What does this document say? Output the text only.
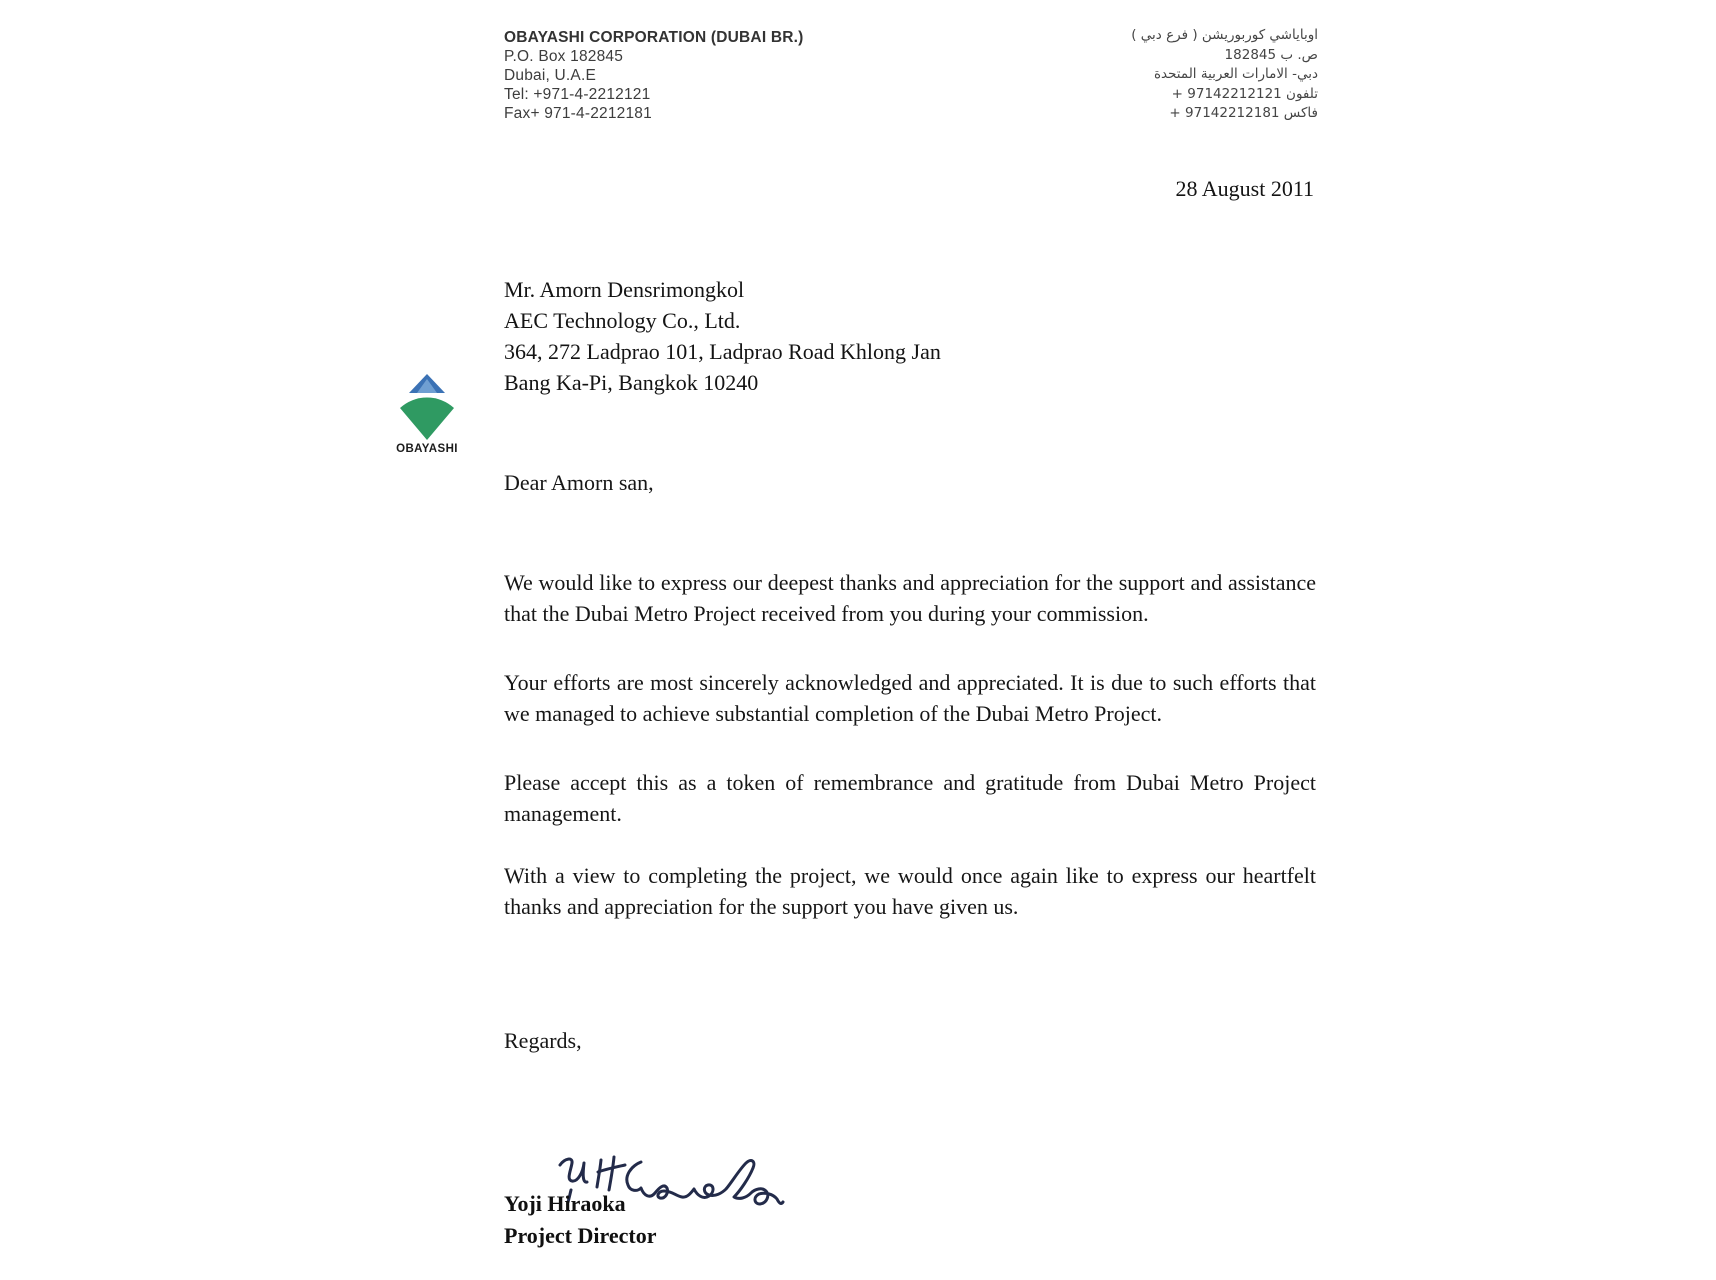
OBAYASHI CORPORATION (DUBAI BR.)
P.O. Box 182845
Dubai, U.A.E
Tel: +971-4-2212121
Fax+ 971-4-2212181
اوباياشي كوربوريشن ( فرع دبي )
ص. ب 182845
دبي- الامارات العربية المتحدة
تلفون 97142212121 +
فاكس 97142212181 +
28 August 2011
Mr. Amorn Densrimongkol
AEC Technology Co., Ltd.
364, 272 Ladprao 101, Ladprao Road Khlong Jan
Bang Ka-Pi, Bangkok 10240
OBAYASHI
Dear Amorn san,
We would like to express our deepest thanks and appreciation for the support and assistance that the Dubai Metro Project received from you during your commission.
Your efforts are most sincerely acknowledged and appreciated. It is due to such efforts that we managed to achieve substantial completion of the Dubai Metro Project.
Please accept this as a token of remembrance and gratitude from Dubai Metro Project management.
With a view to completing the project, we would once again like to express our heartfelt thanks and appreciation for the support you have given us.
Regards,
Yoji Hiraoka
Project Director
